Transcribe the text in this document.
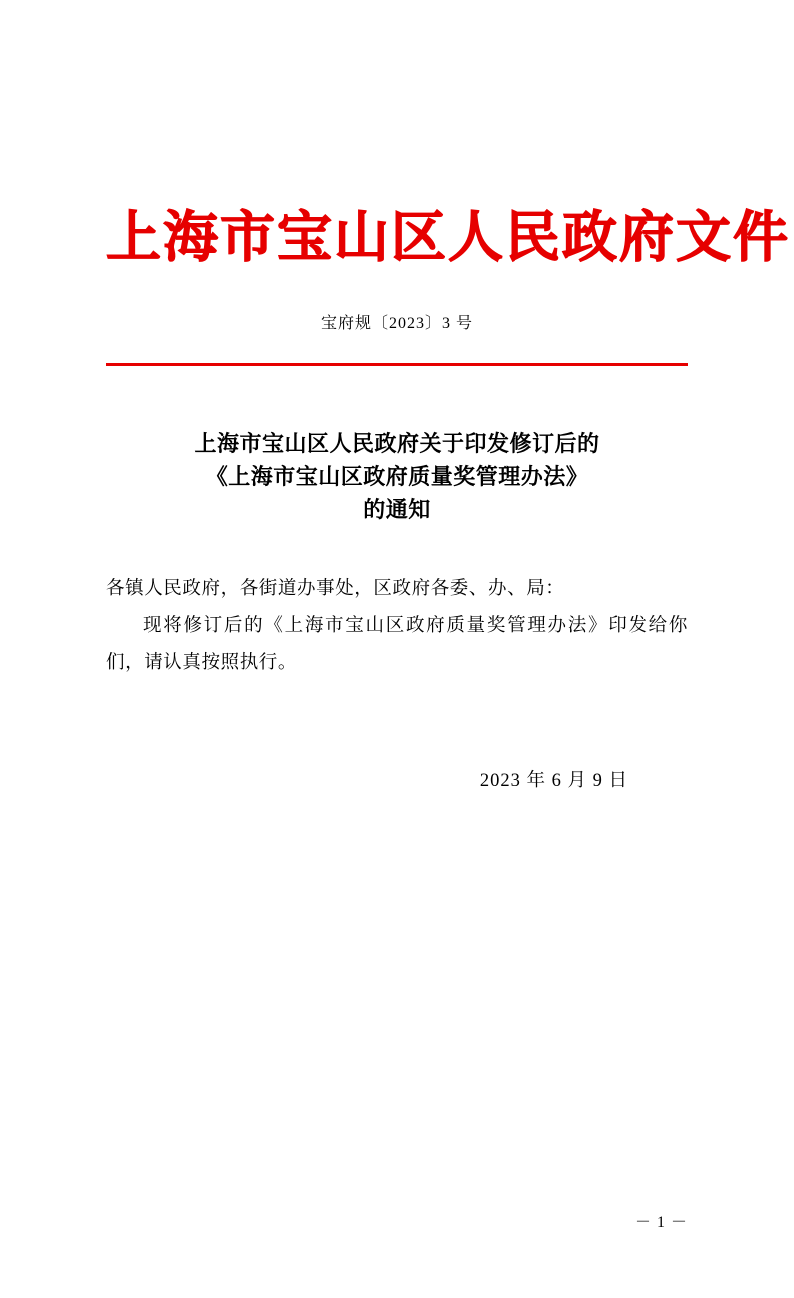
上海市宝山区人民政府文件
宝府规〔2023〕3 号
上海市宝山区人民政府关于印发修订后的
《上海市宝山区政府质量奖管理办法》
的通知
各镇人民政府，各街道办事处，区政府各委、办、局：
现将修订后的《上海市宝山区政府质量奖管理办法》印发给你们，请认真按照执行。
2023 年 6 月 9 日
－ 1 －
